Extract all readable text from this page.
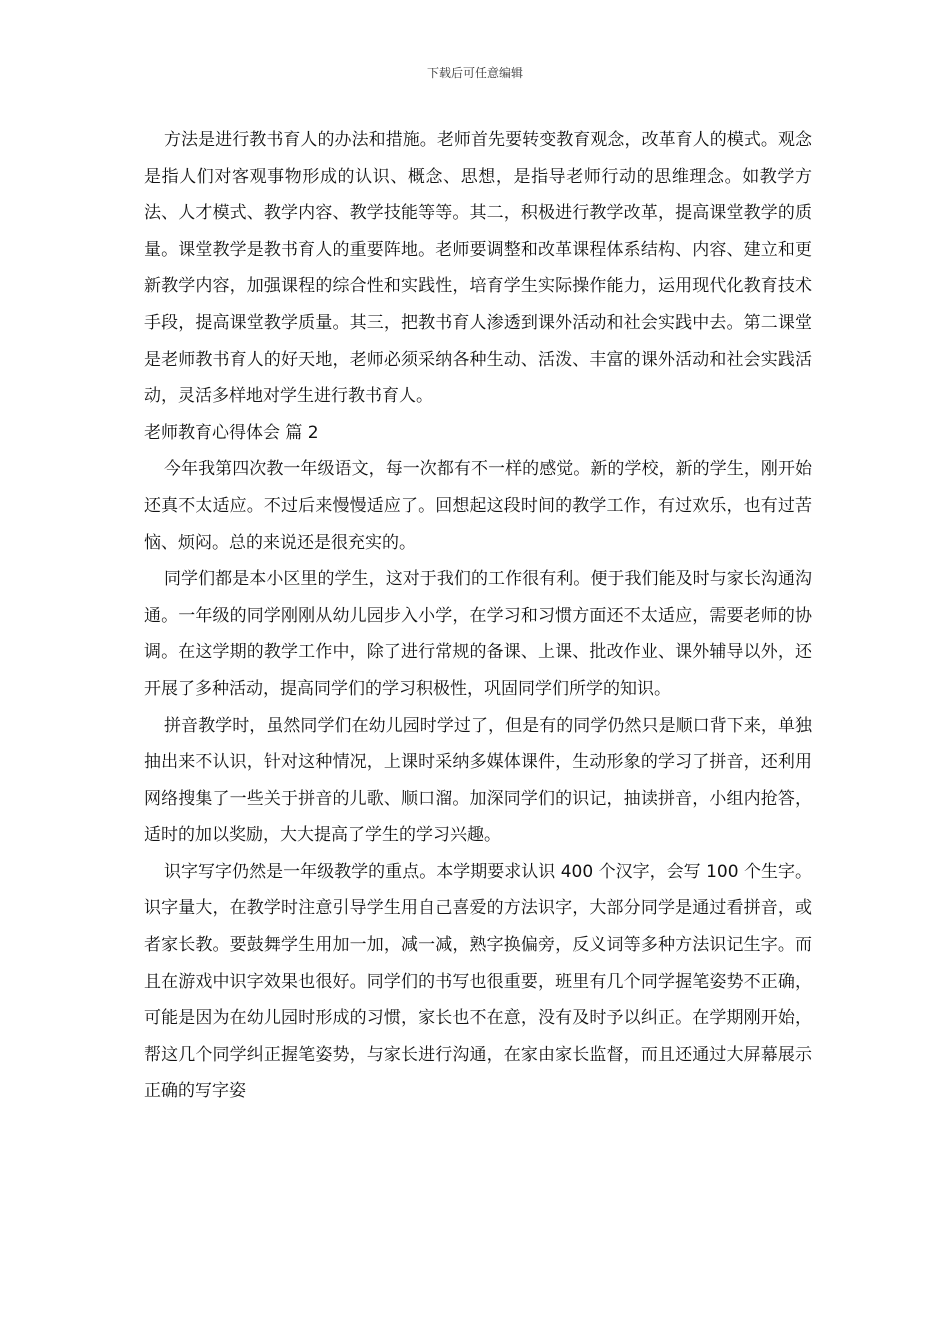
下载后可任意编辑

方法是进行教书育人的办法和措施。老师首先要转变教育观念，改革育人的模式。观念是指人们对客观事物形成的认识、概念、思想，是指导老师行动的思维理念。如教学方法、人才模式、教学内容、教学技能等等。其二，积极进行教学改革，提高课堂教学的质量。课堂教学是教书育人的重要阵地。老师要调整和改革课程体系结构、内容、建立和更新教学内容，加强课程的综合性和实践性，培育学生实际操作能力，运用现代化教育技术手段，提高课堂教学质量。其三，把教书育人渗透到课外活动和社会实践中去。第二课堂是老师教书育人的好天地，老师必须采纳各种生动、活泼、丰富的课外活动和社会实践活动，灵活多样地对学生进行教书育人。

老师教育心得体会 篇 2

今年我第四次教一年级语文，每一次都有不一样的感觉。新的学校，新的学生，刚开始还真不太适应。不过后来慢慢适应了。回想起这段时间的教学工作，有过欢乐，也有过苦恼、烦闷。总的来说还是很充实的。

同学们都是本小区里的学生，这对于我们的工作很有利。便于我们能及时与家长沟通沟通。一年级的同学刚刚从幼儿园步入小学，在学习和习惯方面还不太适应，需要老师的协调。在这学期的教学工作中，除了进行常规的备课、上课、批改作业、课外辅导以外，还开展了多种活动，提高同学们的学习积极性，巩固同学们所学的知识。

拼音教学时，虽然同学们在幼儿园时学过了，但是有的同学仍然只是顺口背下来，单独抽出来不认识，针对这种情况，上课时采纳多媒体课件，生动形象的学习了拼音，还利用网络搜集了一些关于拼音的儿歌、顺口溜。加深同学们的识记，抽读拼音，小组内抢答，适时的加以奖励，大大提高了学生的学习兴趣。

识字写字仍然是一年级教学的重点。本学期要求认识 400 个汉字，会写 100 个生字。识字量大，在教学时注意引导学生用自己喜爱的方法识字，大部分同学是通过看拼音，或者家长教。要鼓舞学生用加一加，减一减，熟字换偏旁，反义词等多种方法识记生字。而且在游戏中识字效果也很好。同学们的书写也很重要，班里有几个同学握笔姿势不正确，可能是因为在幼儿园时形成的习惯，家长也不在意，没有及时予以纠正。在学期刚开始，帮这几个同学纠正握笔姿势，与家长进行沟通，在家由家长监督，而且还通过大屏幕展示正确的写字姿
